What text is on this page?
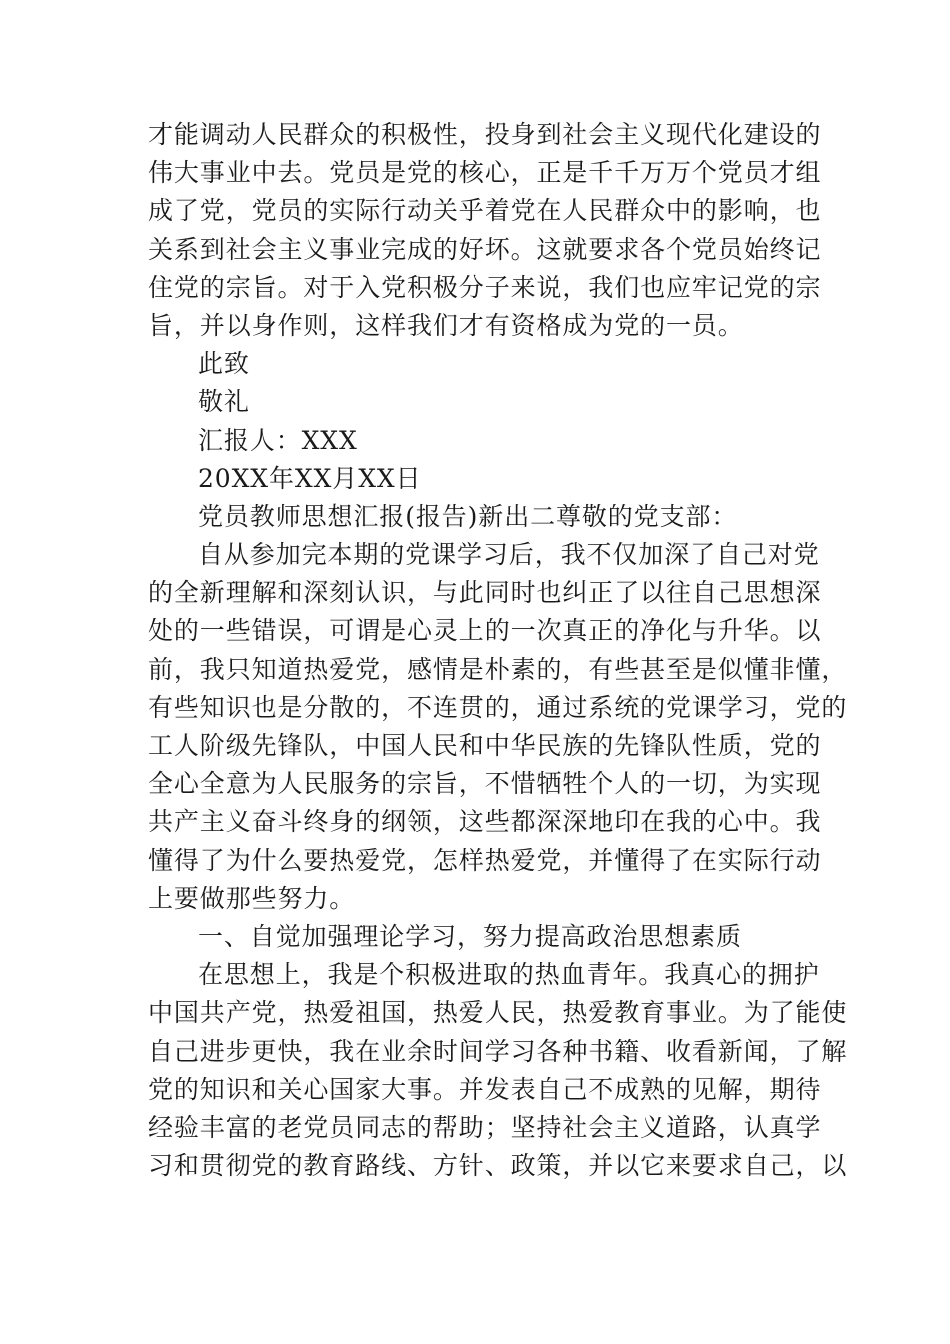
才能调动人民群众的积极性，投身到社会主义现代化建设的
伟大事业中去。党员是党的核心，正是千千万万个党员才组
成了党，党员的实际行动关乎着党在人民群众中的影响，也
关系到社会主义事业完成的好坏。这就要求各个党员始终记
住党的宗旨。对于入党积极分子来说，我们也应牢记党的宗
旨，并以身作则，这样我们才有资格成为党的一员。
此致
敬礼
汇报人：XXX
20XX年XX月XX日
党员教师思想汇报(报告)新出二尊敬的党支部：
自从参加完本期的党课学习后，我不仅加深了自己对党
的全新理解和深刻认识，与此同时也纠正了以往自己思想深
处的一些错误，可谓是心灵上的一次真正的净化与升华。以
前，我只知道热爱党，感情是朴素的，有些甚至是似懂非懂，
有些知识也是分散的，不连贯的，通过系统的党课学习，党的
工人阶级先锋队，中国人民和中华民族的先锋队性质，党的
全心全意为人民服务的宗旨，不惜牺牲个人的一切，为实现
共产主义奋斗终身的纲领，这些都深深地印在我的心中。我
懂得了为什么要热爱党，怎样热爱党，并懂得了在实际行动
上要做那些努力。
一、自觉加强理论学习，努力提高政治思想素质
在思想上，我是个积极进取的热血青年。我真心的拥护
中国共产党，热爱祖国，热爱人民，热爱教育事业。为了能使
自己进步更快，我在业余时间学习各种书籍、收看新闻，了解
党的知识和关心国家大事。并发表自己不成熟的见解，期待
经验丰富的老党员同志的帮助；坚持社会主义道路，认真学
习和贯彻党的教育路线、方针、政策，并以它来要求自己，以
